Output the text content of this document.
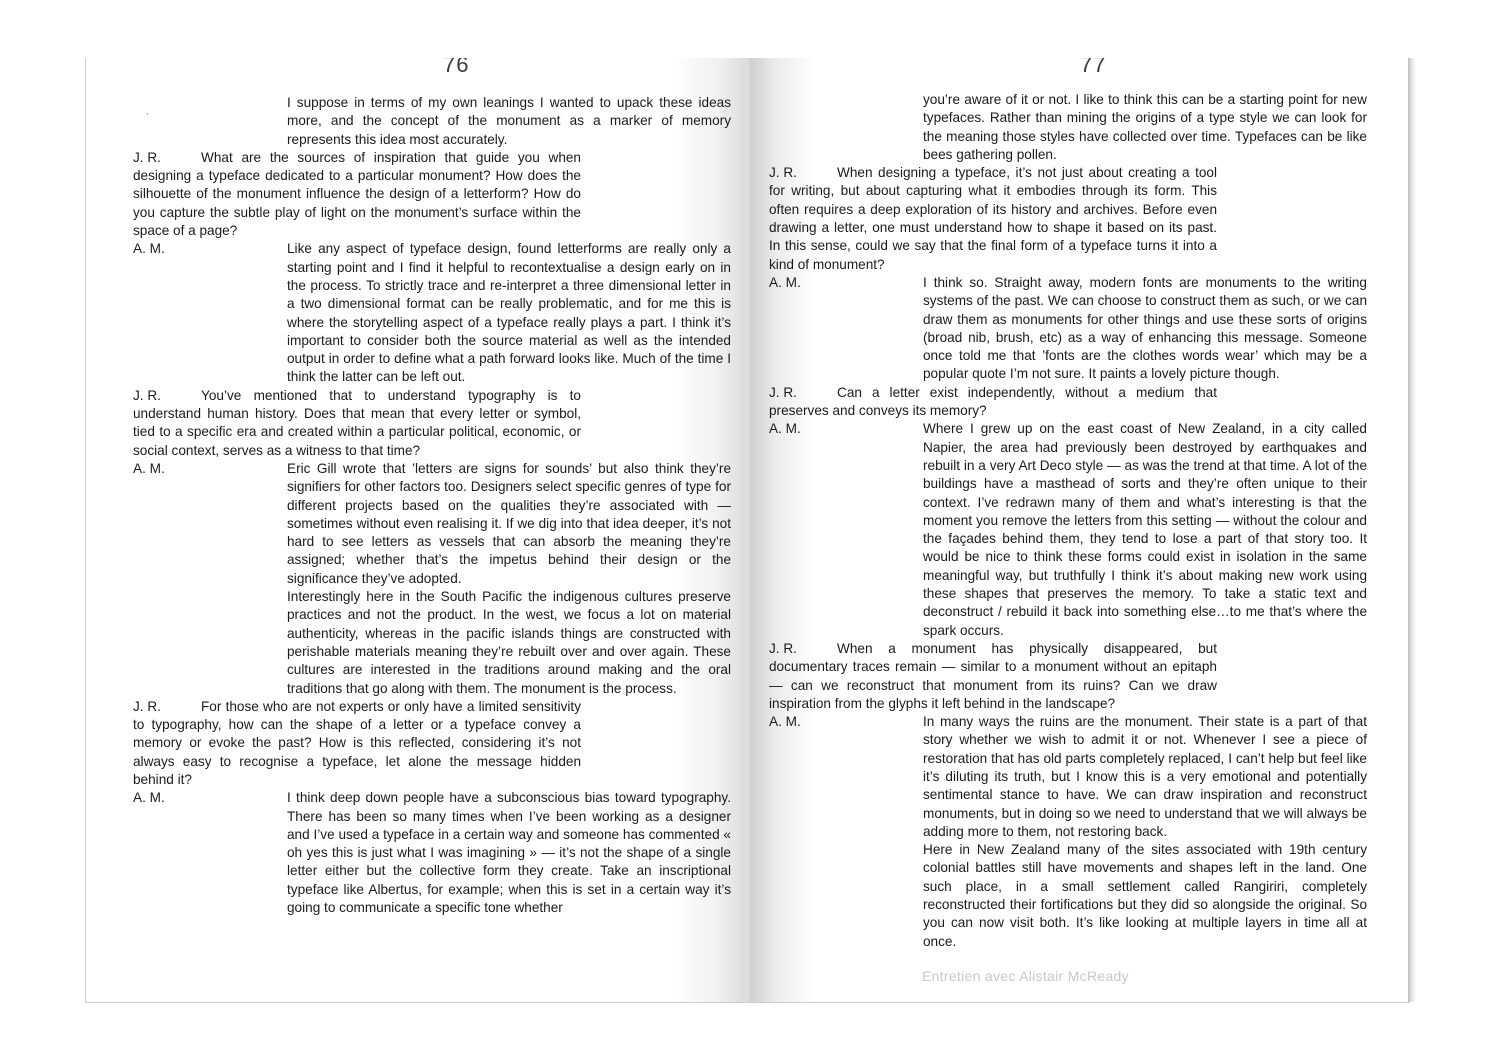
76
’

I suppose in terms of my own leanings I wanted to upack these ideas more, and the concept of the monument as a marker of memory represents this idea most accurately.

J. R.	What are the sources of inspiration that guide you when designing a typeface dedicated to a particular monument? How does the silhouette of the monument influence the design of a letterform? How do you capture the subtle play of light on the monument’s surface within the space of a page?
A. M.	Like any aspect of typeface design, found letterforms are really only a starting point and I find it helpful to recontextualise a design early on in the process. To strictly trace and re-interpret a three dimensional letter in a two dimensional format can be really problematic, and for me this is where the storytelling aspect of a typeface really plays a part. I think it’s important to consider both the source material as well as the intended output in order to define what a path forward looks like. Much of the time I think the latter can be left out.

J. R.	You’ve mentioned that to understand typography is to understand human history. Does that mean that every letter or symbol, tied to a specific era and created within a particular political, economic, or social context, serves as a witness to that time?
A. M.	Eric Gill wrote that ’letters are signs for sounds’ but also think they’re signifiers for other factors too. Designers select specific genres of type for different projects based on the qualities they’re associated with — sometimes without even realising it. If we dig into that idea deeper, it’s not hard to see letters as vessels that can absorb the meaning they’re assigned; whether that’s the impetus behind their design or the significance they’ve adopted.

Interestingly here in the South Pacific the indigenous cultures preserve practices and not the product. In the west, we focus a lot on material authenticity, whereas in the pacific islands things are constructed with perishable materials meaning they’re rebuilt over and over again. These cultures are interested in the traditions around making and the oral traditions that go along with them. The monument is the process.

J. R.	For those who are not experts or only have a limited sensitivity to typography, how can the shape of a letter or a typeface convey a memory or evoke the past? How is this reflected, considering it’s not always easy to recognise a typeface, let alone the message hidden behind it?
A. M.	I think deep down people have a subconscious bias toward typography. There has been so many times when I’ve been working as a designer and I’ve used a typeface in a certain way and someone has commented « oh yes this is just what I was imagining » — it’s not the shape of a single letter either but the collective form they create. Take an inscriptional typeface like Albertus, for example; when this is set in a certain way it’s going to communicate a specific tone whether

77

you’re aware of it or not. I like to think this can be a starting point for new typefaces. Rather than mining the origins of a type style we can look for the meaning those styles have collected over time. Typefaces can be like bees gathering pollen.

J. R.	When designing a typeface, it’s not just about creating a tool for writing, but about capturing what it embodies through its form. This often requires a deep exploration of its history and archives. Before even drawing a letter, one must understand how to shape it based on its past. In this sense, could we say that the final form of a typeface turns it into a kind of monument?
A. M.	I think so. Straight away, modern fonts are monuments to the writing systems of the past. We can choose to construct them as such, or we can draw them as monuments for other things and use these sorts of origins (broad nib, brush, etc) as a way of enhancing this message. Someone once told me that ’fonts are the clothes words wear’ which may be a popular quote I’m not sure. It paints a lovely picture though.

J. R.	Can a letter exist independently, without a medium that preserves and conveys its memory?
A. M.	Where I grew up on the east coast of New Zealand, in a city called Napier, the area had previously been destroyed by earthquakes and rebuilt in a very Art Deco style — as was the trend at that time. A lot of the buildings have a masthead of sorts and they’re often unique to their context. I’ve redrawn many of them and what’s interesting is that the moment you remove the letters from this setting — without the colour and the façades behind them, they tend to lose a part of that story too. It would be nice to think these forms could exist in isolation in the same meaningful way, but truthfully I think it’s about making new work using these shapes that preserves the memory. To take a static text and deconstruct / rebuild it back into something else…to me that’s where the spark occurs.

J. R.	When a monument has physically disappeared, but documentary traces remain — similar to a monument without an epitaph — can we reconstruct that monument from its ruins? Can we draw inspiration from the glyphs it left behind in the landscape?
A. M.	In many ways the ruins are the monument. Their state is a part of that story whether we wish to admit it or not. Whenever I see a piece of restoration that has old parts completely replaced, I can’t help but feel like it’s diluting its truth, but I know this is a very emotional and potentially sentimental stance to have. We can draw inspiration and reconstruct monuments, but in doing so we need to understand that we will always be adding more to them, not restoring back.

Here in New Zealand many of the sites associated with 19th century colonial battles still have movements and shapes left in the land. One such place, in a small settlement called Rangiriri, completely reconstructed their fortifications but they did so alongside the original. So you can now visit both. It’s like looking at multiple layers in time all at once.

Entretien avec Alistair McReady
